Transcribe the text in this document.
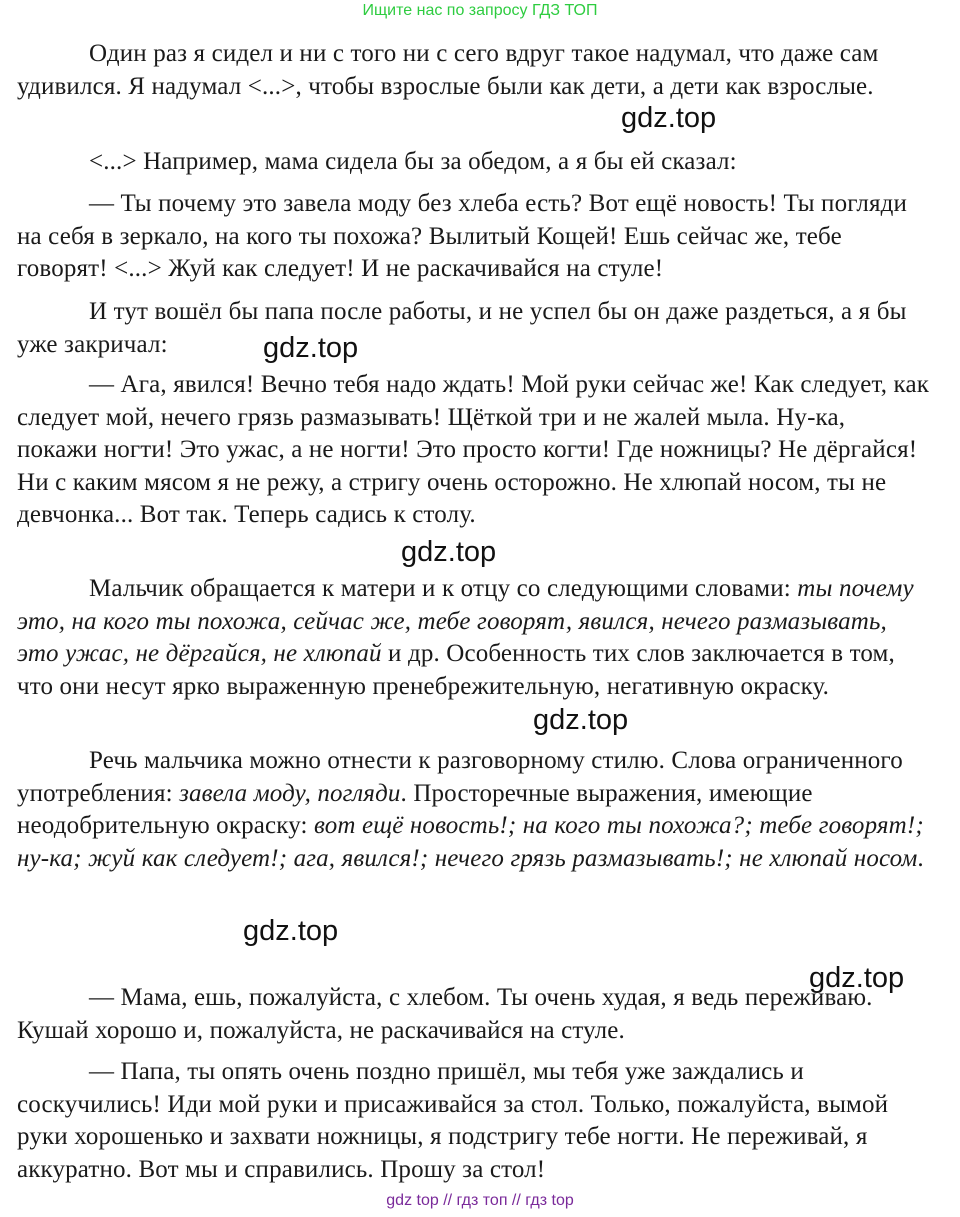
Ищите нас по запросу ГДЗ ТОП

Один раз я сидел и ни с того ни с сего вдруг такое надумал, что даже сам удивился. Я надумал <...>, чтобы взрослые были как дети, а дети как взрослые.

<...> Например, мама сидела бы за обедом, а я бы ей сказал:

— Ты почему это завела моду без хлеба есть? Вот ещё новость! Ты погляди на себя в зеркало, на кого ты похожа? Вылитый Кощей! Ешь сейчас же, тебе говорят! <...> Жуй как следует! И не раскачивайся на стуле!

И тут вошёл бы папа после работы, и не успел бы он даже раздеться, а я бы уже закричал:

— Ага, явился! Вечно тебя надо ждать! Мой руки сейчас же! Как следует, как следует мой, нечего грязь размазывать! Щёткой три и не жалей мыла. Ну-ка, покажи ногти! Это ужас, а не ногти! Это просто когти! Где ножницы? Не дёргайся! Ни с каким мясом я не режу, а стригу очень осторожно. Не хлюпай носом, ты не девчонка... Вот так. Теперь садись к столу.

Мальчик обращается к матери и к отцу со следующими словами: ты почему это, на кого ты похожа, сейчас же, тебе говорят, явился, нечего размазывать, это ужас, не дёргайся, не хлюпай и др. Особенность тих слов заключается в том, что они несут ярко выраженную пренебрежительную, негативную окраску.

Речь мальчика можно отнести к разговорному стилю. Слова ограниченного употребления: завела моду, погляди. Просторечные выражения, имеющие неодобрительную окраску: вот ещё новость!; на кого ты похожа?; тебе говорят!; ну-ка; жуй как следует!; ага, явился!; нечего грязь размазывать!; не хлюпай носом.

— Мама, ешь, пожалуйста, с хлебом. Ты очень худая, я ведь переживаю. Кушай хорошо и, пожалуйста, не раскачивайся на стуле.

— Папа, ты опять очень поздно пришёл, мы тебя уже заждались и соскучились! Иди мой руки и присаживайся за стол. Только, пожалуйста, вымой руки хорошенько и захвати ножницы, я подстригу тебе ногти. Не переживай, я аккуратно. Вот мы и справились. Прошу за стол!

gdz.top
gdz.top
gdz.top
gdz.top
gdz.top
gdz.top
gdz top // гдз топ // гдз top
